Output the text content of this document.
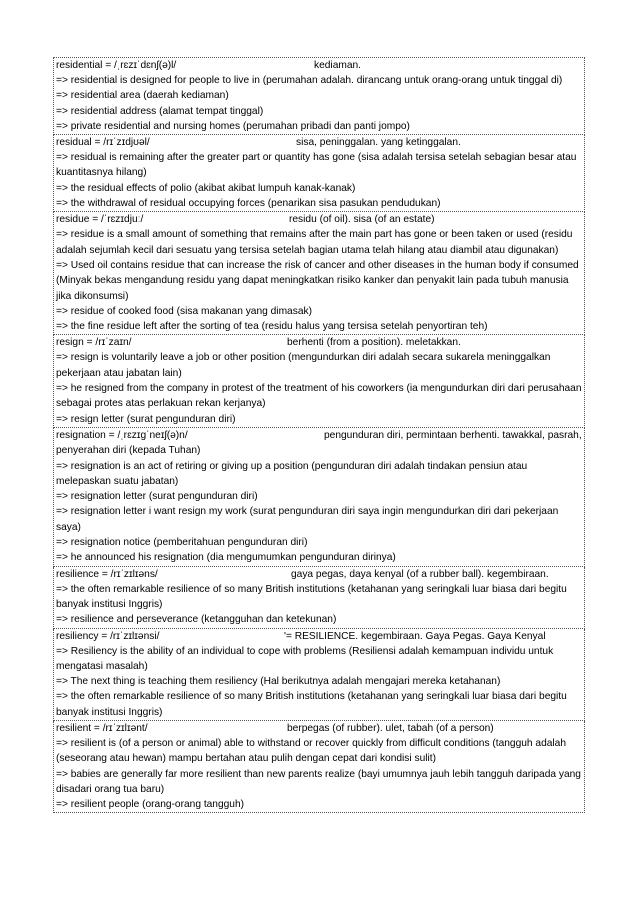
residential = /ˌrɛzɪˈdɛnʃ(ə)l/	kediaman.
=> residential is designed for people to live in (perumahan adalah. dirancang untuk orang-orang untuk tinggal di)
=> residential area (daerah kediaman)
=> residential address (alamat tempat tinggal)
=> private residential and nursing homes (perumahan pribadi dan panti jompo)
residual = /rɪˈzɪdjʊəl/	sisa, peninggalan. yang ketinggalan.
=> residual is remaining after the greater part or quantity has gone (sisa adalah tersisa setelah sebagian besar atau kuantitasnya hilang)
=> the residual effects of polio (akibat akibat lumpuh kanak-kanak)
=> the withdrawal of residual occupying forces (penarikan sisa pasukan pendudukan)
residue = /ˈrɛzɪdjuː/	residu (of oil). sisa (of an estate)
=> residue is a small amount of something that remains after the main part has gone or been taken or used (residu adalah sejumlah kecil dari sesuatu yang tersisa setelah bagian utama telah hilang atau diambil atau digunakan)
=> Used oil contains residue that can increase the risk of cancer and other diseases in the human body if consumed (Minyak bekas mengandung residu yang dapat meningkatkan risiko kanker dan penyakit lain pada tubuh manusia jika dikonsumsi)
=> residue of cooked food (sisa makanan yang dimasak)
=> the fine residue left after the sorting of tea (residu halus yang tersisa setelah penyortiran teh)
resign = /rɪˈzaɪn/	berhenti (from a position). meletakkan.
=> resign is voluntarily leave a job or other position (mengundurkan diri adalah secara sukarela meninggalkan pekerjaan atau jabatan lain)
=> he resigned from the company in protest of the treatment of his coworkers (ia mengundurkan diri dari perusahaan sebagai protes atas perlakuan rekan kerjanya)
=> resign letter (surat pengunduran diri)
resignation = /ˌrɛzɪɡˈneɪʃ(ə)n/	pengunduran diri, permintaan berhenti. tawakkal, pasrah, penyerahan diri (kepada Tuhan)
=> resignation is an act of retiring or giving up a position (pengunduran diri adalah tindakan pensiun atau melepaskan suatu jabatan)
=> resignation letter (surat pengunduran diri)
=> resignation letter i want resign my work (surat pengunduran diri saya ingin mengundurkan diri dari pekerjaan saya)
=> resignation notice (pemberitahuan pengunduran diri)
=> he announced his resignation (dia mengumumkan pengunduran dirinya)
resilience = /rɪˈzɪlɪəns/	gaya pegas, daya kenyal (of a rubber ball). kegembiraan.
=> the often remarkable resilience of so many British institutions (ketahanan yang seringkali luar biasa dari begitu banyak institusi Inggris)
=> resilience and perseverance (ketangguhan dan ketekunan)
resiliency = /rɪˈzɪlɪənsi/	'= RESILIENCE. kegembiraan. Gaya Pegas. Gaya Kenyal
=> Resiliency is the ability of an individual to cope with problems (Resiliensi adalah kemampuan individu untuk mengatasi masalah)
=> The next thing is teaching them resiliency (Hal berikutnya adalah mengajari mereka ketahanan)
=> the often remarkable resilience of so many British institutions (ketahanan yang seringkali luar biasa dari begitu banyak institusi Inggris)
resilient = /rɪˈzɪlɪənt/	berpegas (of rubber). ulet, tabah (of a person)
=> resilient is (of a person or animal) able to withstand or recover quickly from difficult conditions (tangguh adalah (seseorang atau hewan) mampu bertahan atau pulih dengan cepat dari kondisi sulit)
=> babies are generally far more resilient than new parents realize (bayi umumnya jauh lebih tangguh daripada yang disadari orang tua baru)
=> resilient people (orang-orang tangguh)
